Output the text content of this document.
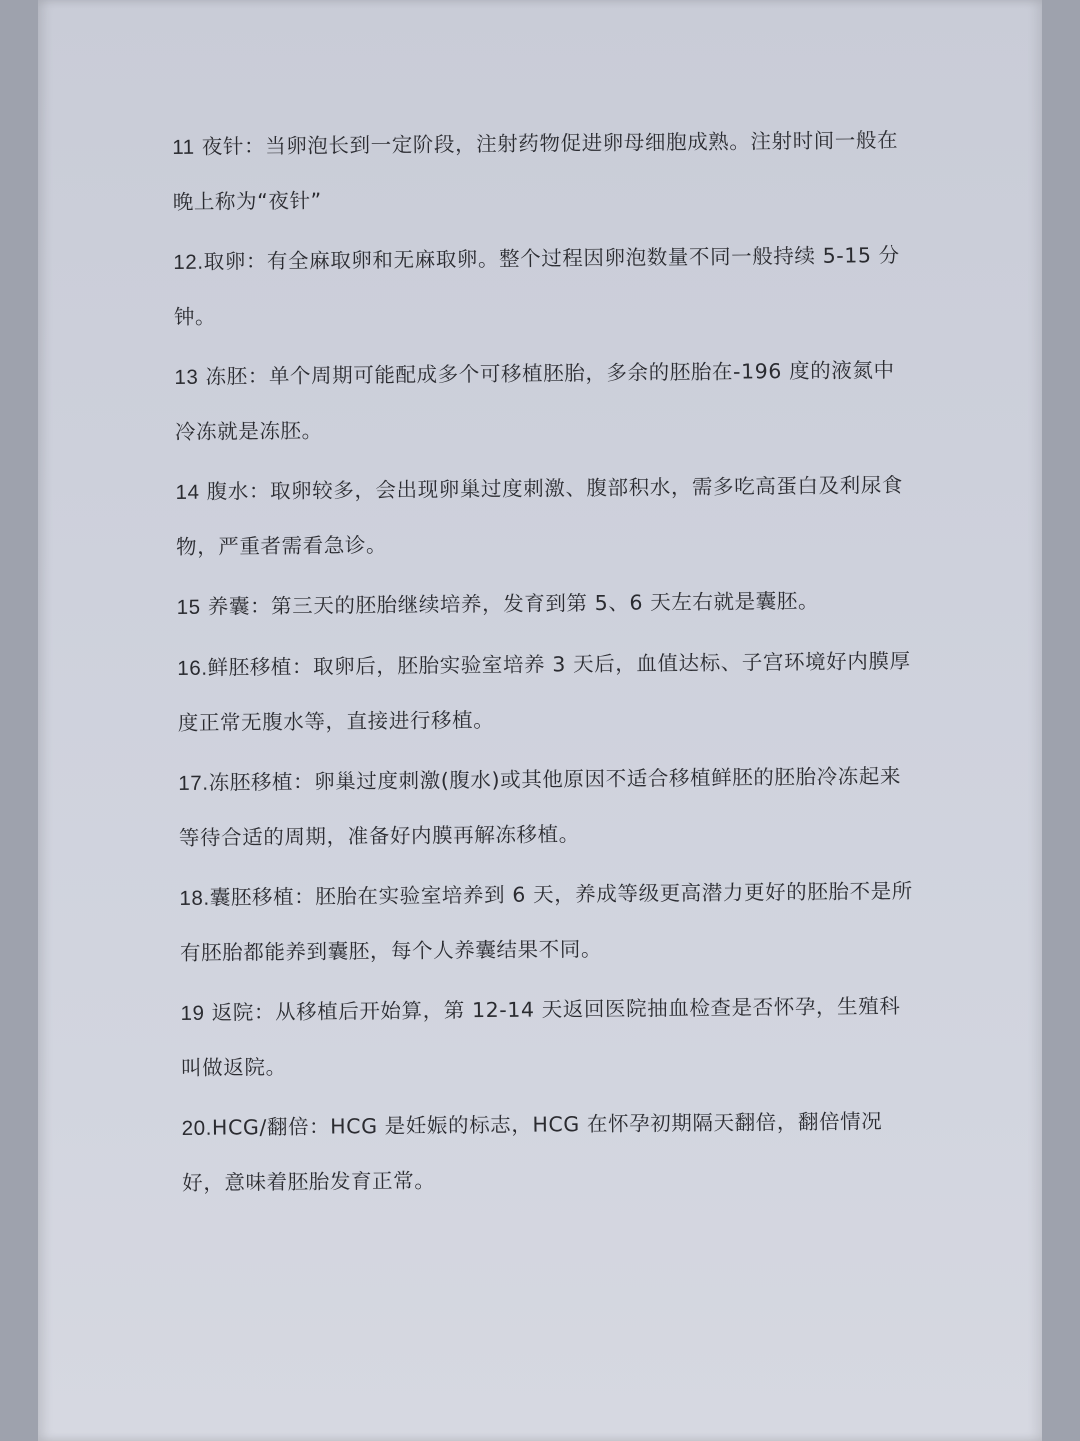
11 夜针：当卵泡长到一定阶段，注射药物促进卵母细胞成熟。注射时间一般在晚上称为“夜针”

12.取卵：有全麻取卵和无麻取卵。整个过程因卵泡数量不同一般持续 5-15 分钟。

13 冻胚：单个周期可能配成多个可移植胚胎，多余的胚胎在-196 度的液氮中冷冻就是冻胚。

14 腹水：取卵较多，会出现卵巢过度刺激、腹部积水，需多吃高蛋白及利尿食物，严重者需看急诊。

15 养囊：第三天的胚胎继续培养，发育到第 5、6 天左右就是囊胚。

16.鲜胚移植：取卵后，胚胎实验室培养 3 天后，血值达标、子宫环境好内膜厚度正常无腹水等，直接进行移植。

17.冻胚移植：卵巢过度刺激(腹水)或其他原因不适合移植鲜胚的胚胎冷冻起来等待合适的周期，准备好内膜再解冻移植。

18.囊胚移植：胚胎在实验室培养到 6 天，养成等级更高潜力更好的胚胎不是所有胚胎都能养到囊胚，每个人养囊结果不同。

19 返院：从移植后开始算，第 12-14 天返回医院抽血检查是否怀孕，生殖科叫做返院。

20.HCG/翻倍：HCG 是妊娠的标志，HCG 在怀孕初期隔天翻倍，翻倍情况好，意味着胚胎发育正常。
